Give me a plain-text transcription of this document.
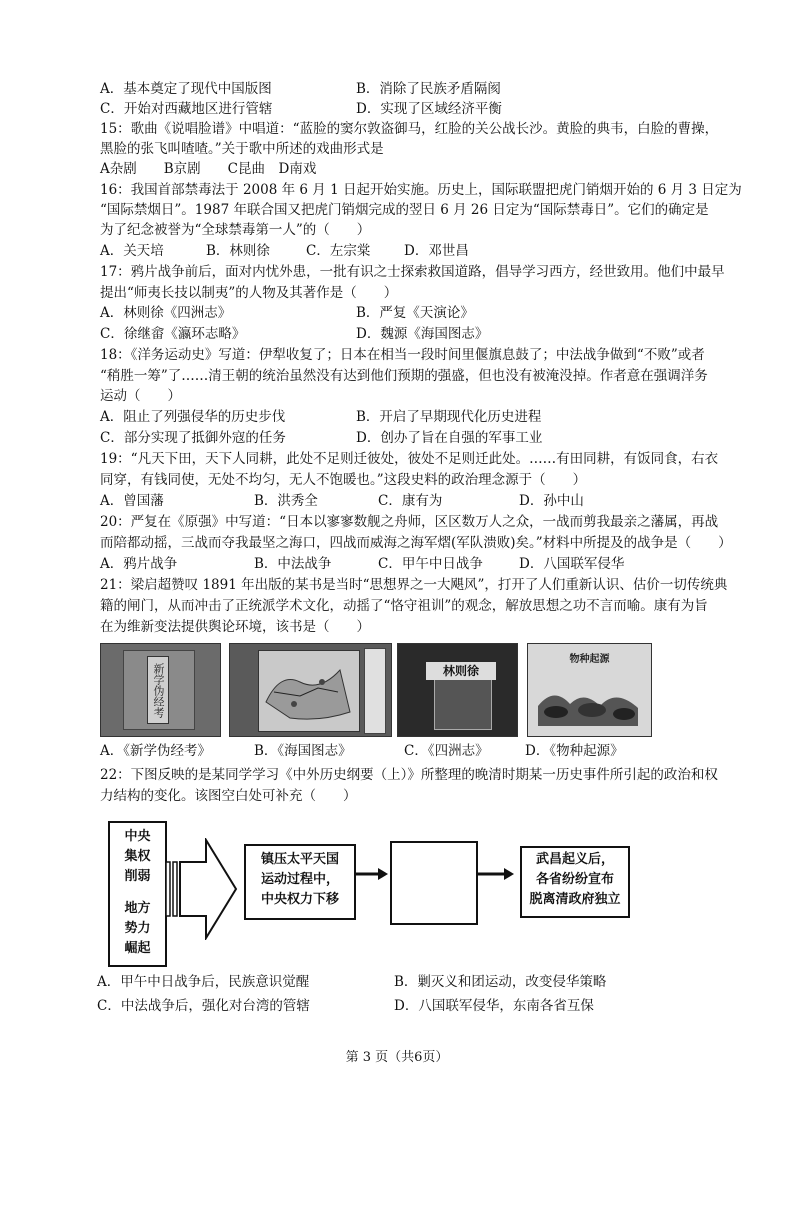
A．基本奠定了现代中国版图	B．消除了民族矛盾隔阂
C．开始对西藏地区进行管辖	D．实现了区域经济平衡
15：歌曲《说唱脸谱》中唱道：“蓝脸的窦尔敦盗御马，红脸的关公战长沙。黄脸的典韦，白脸的曹操，
黑脸的张飞叫喳喳。”关于歌中所述的戏曲形式是
A杂剧　　B京剧　　C昆曲　D南戏
16：我国首部禁毒法于 2008 年 6 月 1 日起开始实施。历史上，国际联盟把虎门销烟开始的 6 月 3 日定为
“国际禁烟日”。1987 年联合国又把虎门销烟完成的翌日 6 月 26 日定为“国际禁毒日”。它们的确定是
为了纪念被誉为“全球禁毒第一人”的（　　）
A．关天培	B．林则徐	C．左宗棠 D．邓世昌
17：鸦片战争前后，面对内忧外患，一批有识之士探索救国道路，倡导学习西方，经世致用。他们中最早
提出“师夷长技以制夷”的人物及其著作是（　　）
A．林则徐《四洲志》	B．严复《天演论》
C．徐继畲《瀛环志略》	D．魏源《海国图志》
18：《洋务运动史》写道：伊犁收复了；日本在相当一段时间里偃旗息鼓了；中法战争做到“不败”或者
“稍胜一筹”了……清王朝的统治虽然没有达到他们预期的强盛，但也没有被淹没掉。作者意在强调洋务
运动（　　）
A．阻止了列强侵华的历史步伐	B．开启了早期现代化历史进程
C．部分实现了抵御外寇的任务	D．创办了旨在自强的军事工业
19：“凡天下田，天下人同耕，此处不足则迁彼处，彼处不足则迁此处。……有田同耕，有饭同食，右衣
同穿，有钱同使，无处不均匀，无人不饱暖也。”这段史料的政治理念源于（　　）
A．曾国藩	B．洪秀全	C．康有为	D．孙中山
20：严复在《原强》中写道：“日本以寥寥数舰之舟师，区区数万人之众，一战而剪我最亲之藩属，再战
而陪都动摇，三战而夺我最坚之海口，四战而威海之海军熠(军队溃败)矣。”材料中所提及的战争是（　　）
A．鸦片战争	B．中法战争	C．甲午中日战争	D．八国联军侵华
21：梁启超赞叹 1891 年出版的某书是当时“思想界之一大飓风”，打开了人们重新认识、估价一切传统典
籍的闸门，从而冲击了正统派学术文化，动摇了“恪守祖训”的观念，解放思想之功不言而喻。康有为旨
在为维新变法提供舆论环境，该书是（　　）
新学伪经考	林则徐
物种起源
A．《新学伪经考》	B．《海国图志》	C．《四洲志》	D．《物种起源》
22：下图反映的是某同学学习《中外历史纲要（上）》所整理的晚清时期某一历史事件所引起的政治和权
力结构的变化。该图空白处可补充（　　）
中央
集权
削弱
地方
势力
崛起
镇压太平天国
运动过程中，
中央权力下移
武昌起义后，
各省纷纷宣布
脱离清政府独立
A．甲午中日战争后，民族意识觉醒	B．剿灭义和团运动，改变侵华策略
C．中法战争后，强化对台湾的管辖	D．八国联军侵华，东南各省互保
第 3 页（共6页）
